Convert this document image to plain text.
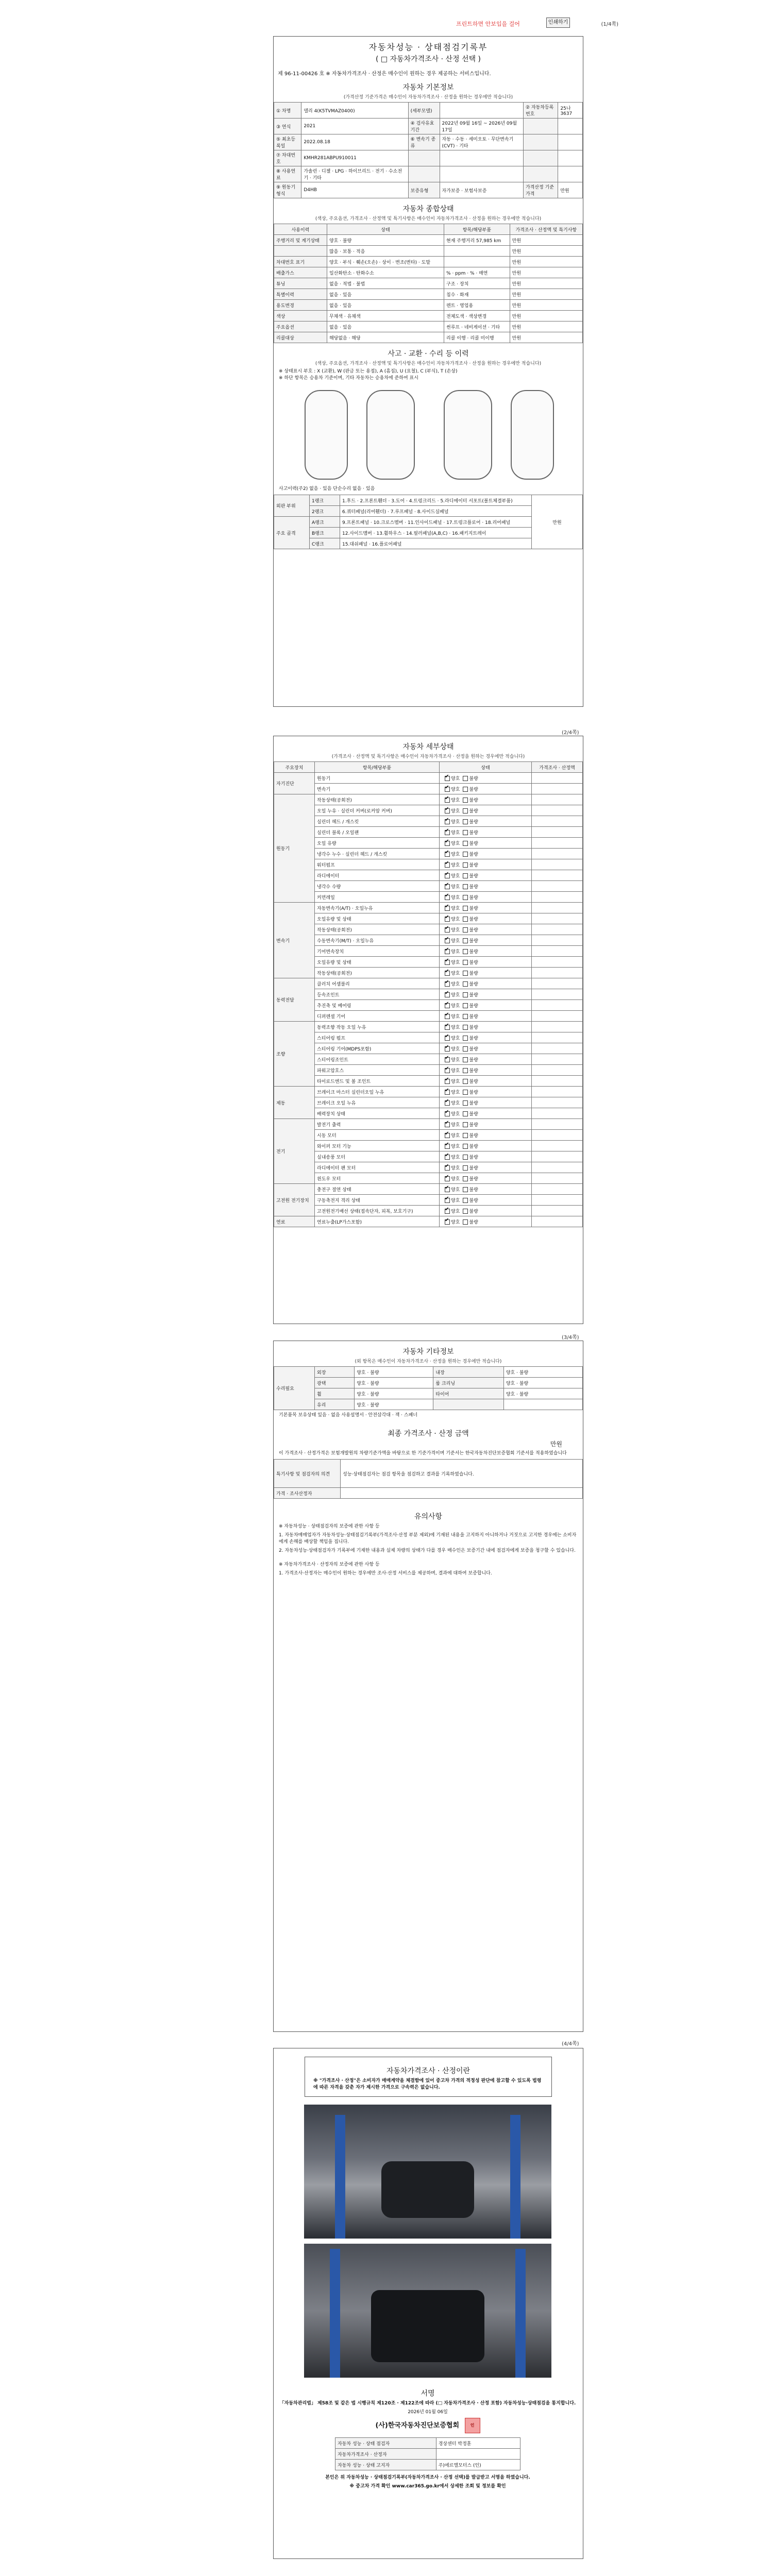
프린트하면 안보입을 걸어	인쇄하기	(1/4쪽)
자동차성능 · 상태점검기록부
( □ 자동차가격조사 · 산정 선택 )
제 96-11-00426 호 ※ 자동차가격조사 · 산정은 매수인이 원하는 경우 제공하는 서비스입니다.
자동차 기본정보
(가격산정 기준가격은 매수인이 자동차가격조사 · 산정을 원하는 경우에만 적습니다)
① 차명	델리 4(K5TVMAZ0400)	(세부모델)		② 자동차등록번호	25나3637
③ 연식	2021	④ 검사유효기간	2022년 09월 16일 ~ 2026년 09월 17일		
⑤ 최초등록일	2022.08.18	⑥ 변속기 종류	자동 · 수동 · 세미오토 · 무단변속기(CVT) · 기타		
⑦ 차대번호	KMHR281ABPU910011				
⑧ 사용연료	가솔린 · 디젤 · LPG · 하이브리드 · 전기 · 수소전기 · 기타				
⑨ 원동기형식	D4HB	보증유형	자가보증 · 보험사보증	가격산정 기준가격	만원
자동차 종합상태
(색상, 주요옵션, 가격조사 · 산정액 및 특기사항은 매수인이 자동차가격조사 · 산정을 원하는 경우에만 적습니다)
사용이력	상태	항목/해당부품	가격조사 · 산정액 및 특기사항
주행거리 및 계기상태	양호 · 불량	현재 주행거리 57,985 km	만원
	많음 · 보통 · 적음		만원
차대번호 표기	양호 · 부식 · 훼손(오손) · 상이 · 변조(변타) · 도말		만원
배출가스	일산화탄소 · 탄화수소	% · ppm · % · 매연	만원
튜닝	없음 · 적법 · 불법	구조 · 장치	만원
특별이력	없음 · 있음	침수 · 화재	만원
용도변경	없음 · 있음	렌트 · 영업용	만원
색상	무채색 · 유채색	전체도색 · 색상변경	만원
주요옵션	없음 · 있음	썬루프 · 네비게이션 · 기타	만원
리콜대상	해당없음 · 해당	리콜 이행 · 리콜 미이행	만원
사고 · 교환 · 수리 등 이력
(색상, 주요옵션, 가격조사 · 산정액 및 특기사항은 매수인이 자동차가격조사 · 산정을 원하는 경우에만 적습니다)
※ 상태표시 부호 : X (교환), W (판금 또는 용접), A (흠집), U (요철), C (부식), T (손상)
※ 하단 항목은 승용차 기준이며, 기타 자동차는 승용차에 준하여 표시
사고이력(주2) 없음 · 있음 단순수리 없음 · 있음
외판 부위	1랭크	1.후드 · 2.프론트휀더 · 3.도어 · 4.트렁크리드 · 5.라디에이터 서포트(볼트체결부품)	만원
	2랭크	6.쿼터패널(리어휀더) · 7.루프패널 · 8.사이드실패널	
주요 골격	A랭크	9.프론트패널 · 10.크로스멤버 · 11.인사이드패널 · 17.트렁크플로어 · 18.리어패널	
	B랭크	12.사이드멤버 · 13.휠하우스 · 14.필러패널(A,B,C) · 16.패키지트레이	
	C랭크	15.대쉬패널 · 16.플로어패널	
(2/4쪽)
자동차 세부상태
(가격조사 · 산정액 및 특기사항은 매수인이 자동차가격조사 · 산정을 원하는 경우에만 적습니다)
주요장치	항목/해당부품	상태	가격조사 · 산정액
자기진단	원동기	✔양호 불량	
	변속기	✔양호 불량	
원동기	작동상태(공회전)	✔양호 불량	
	오일 누유 · 실린더 커버(로커암 커버)	✔양호 불량	
	실린더 헤드 / 개스킷	✔양호 불량	
	실린더 블록 / 오일팬	✔양호 불량	
	오일 유량	✔양호 불량	
	냉각수 누수 · 실린더 헤드 / 개스킷	✔양호 불량	
	워터펌프	✔양호 불량	
	라디에이터	✔양호 불량	
	냉각수 수량	✔양호 불량	
	커먼레일	✔양호 불량	
변속기	자동변속기(A/T) · 오일누유	✔양호 불량	
	오일유량 및 상태	✔양호 불량	
	작동상태(공회전)	✔양호 불량	
	수동변속기(M/T) · 오일누유	✔양호 불량	
	기어변속장치	✔양호 불량	
	오일유량 및 상태	✔양호 불량	
	작동상태(공회전)	✔양호 불량	
동력전달	클러치 어셈블리	✔양호 불량	
	등속조인트	✔양호 불량	
	추진축 및 베어링	✔양호 불량	
	디퍼렌셜 기어	✔양호 불량	
조향	동력조향 작동 오일 누유	✔양호 불량	
	스티어링 펌프	✔양호 불량	
	스티어링 기어(MDPS포함)	✔양호 불량	
	스티어링조인트	✔양호 불량	
	파워고압호스	✔양호 불량	
	타이로드엔드 및 볼 조인트	✔양호 불량	
제동	브레이크 마스터 실린더오일 누유	✔양호 불량	
	브레이크 오일 누유	✔양호 불량	
	배력장치 상태	✔양호 불량	
전기	발전기 출력	✔양호 불량	
	시동 모터	✔양호 불량	
	와이퍼 모터 기능	✔양호 불량	
	실내송풍 모터	✔양호 불량	
	라디에이터 팬 모터	✔양호 불량	
	윈도우 모터	✔양호 불량	
고전원 전기장치	충전구 절연 상태	✔양호 불량	
	구동축전지 격리 상태	✔양호 불량	
	고전원전기배선 상태(접속단자, 피복, 보호기구)	✔양호 불량	
연료	연료누출(LP가스포함)	✔양호 불량	
(3/4쪽)
자동차 기타정보
(외 항목은 매수인이 자동차가격조사 · 산정을 원하는 경우에만 적습니다)
수리필요	외장	양호 · 불량	내장	양호 · 불량
	광택	양호 · 불량	룸 크리닝	양호 · 불량
	휠	양호 · 불량	타이어	양호 · 불량
	유리	양호 · 불량		
기본품목 보유상태 있음 · 없음 사용설명서 · 안전삼각대 · 잭 · 스패너
최종 가격조사 · 산정 금액
만원
이 가격조사 · 산정가격은 보험개발원의 차량기준가액을 바탕으로 한 기준가격이며 기준서는 한국자동차진단보증협회 기준서를 적용하였습니다
특기사항 및 점검자의 의견	성능·상태점검자는 점검 항목을 점검하고 결과를 기록하였습니다.
가격 · 조사산정자	
유의사항
※ 자동차성능 · 상태점검자의 보증에 관한 사항 등
1. 자동차매매업자가 자동차성능·상태점검기록부(가격조사·산정 부분 제외)에 기재된 내용을 고지하지 아니하거나 거짓으로 고지한 경우에는 소비자에게 손해를 배상할 책임을 집니다.
2. 자동차성능·상태점검자가 기록부에 기재한 내용과 실제 차량의 상태가 다를 경우 매수인은 보증기간 내에 점검자에게 보증을 청구할 수 있습니다.
※ 자동차가격조사 · 산정자의 보증에 관한 사항 등
1. 가격조사·산정자는 매수인이 원하는 경우에만 조사·산정 서비스를 제공하며, 결과에 대하여 보증합니다.
(4/4쪽)
자동차가격조사 · 산정이란
※ "가격조사 · 산정"은 소비자가 매매계약을 체결함에 있어 중고차 가격의 적정성 판단에 참고할 수 있도록 법령에 따른 자격을 갖춘 자가 제시한 가격으로 구속력은 없습니다.
서명
「자동차관리법」 제58조 및 같은 법 시행규칙 제120조 · 제122조에 따라 (□ 자동차가격조사 · 산정 포함) 자동차성능·상태점검을 통지합니다.
2026년 01월 06일
(사)한국자동차진단보증협회	인
자동차 성능 · 상태 점검자	경상센터 박정훈
자동차가격조사 · 산정자	
자동차 성능 · 상태 고지자	주)에르엘모터스 (인)
본인은 위 자동차성능 · 상태점검기록부(자동차가격조사 · 산정 선택)를 발급받고 서명을 하였습니다.
※ 중고차 가격 확인 www.car365.go.kr에서 상세한 조회 및 정보를 확인
